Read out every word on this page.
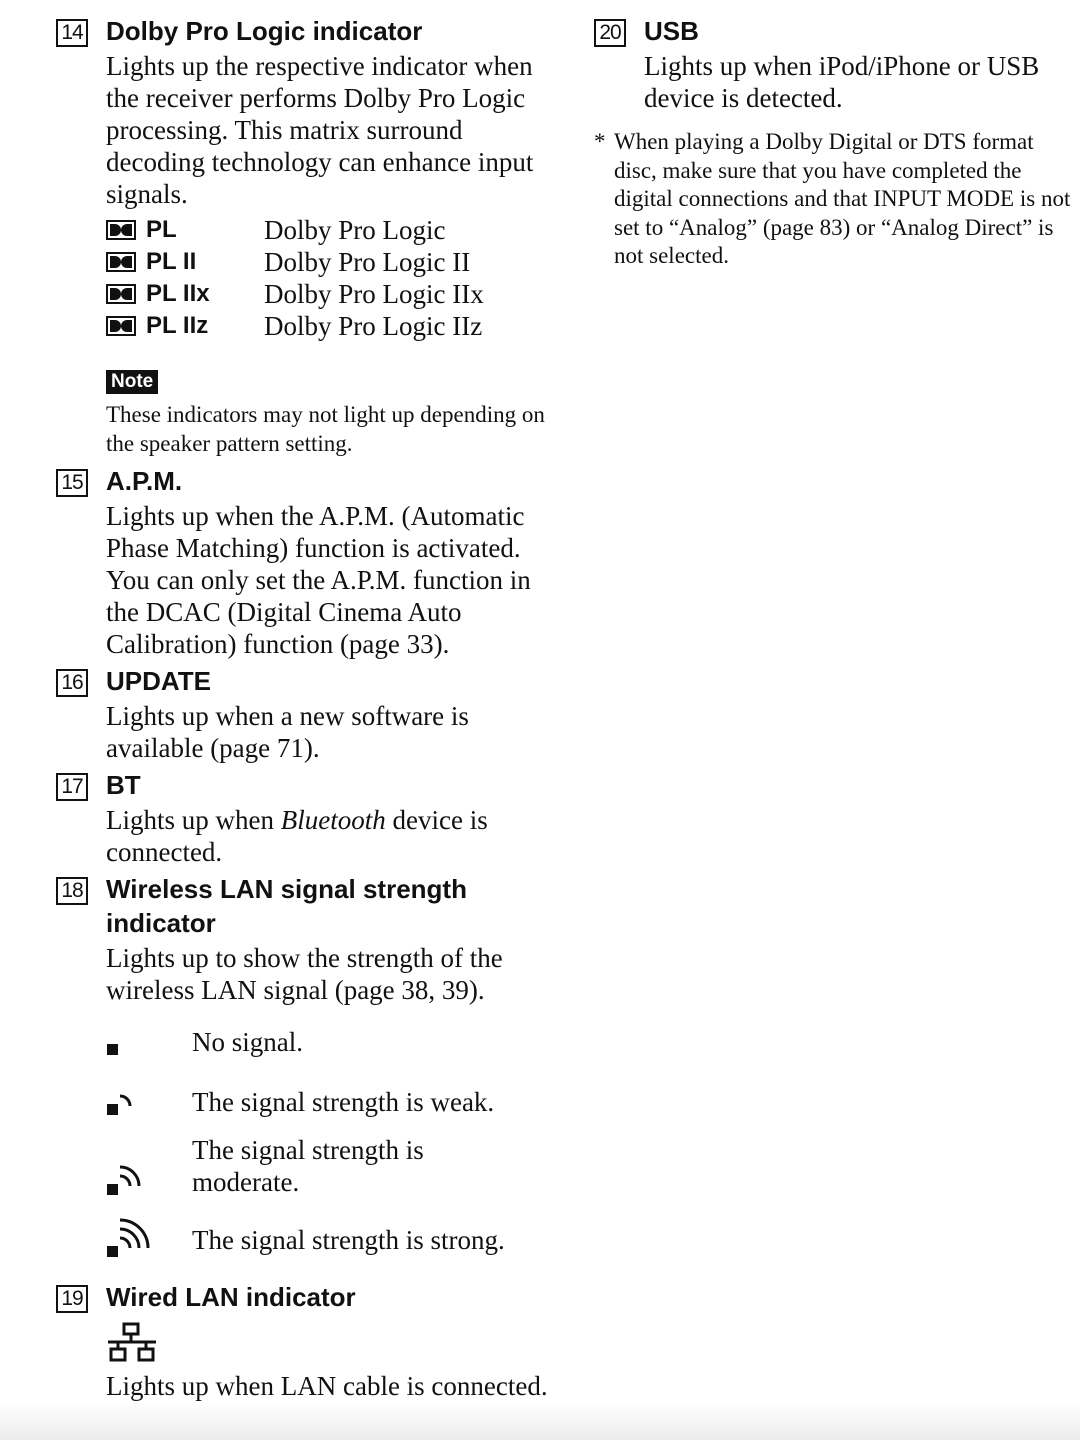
14 Dolby Pro Logic indicator

Lights up the respective indicator when the receiver performs Dolby Pro Logic processing. This matrix surround decoding technology can enhance input signals.

PL	Dolby Pro Logic
PL II	Dolby Pro Logic II
PL IIx Dolby Pro Logic IIx
PL IIz Dolby Pro Logic IIz
Note

These indicators may not light up depending on the speaker pattern setting.

15 A.P.M.

Lights up when the A.P.M. (Automatic Phase Matching) function is activated. You can only set the A.P.M. function in the DCAC (Digital Cinema Auto Calibration) function (page 33).

16 UPDATE

Lights up when a new software is available (page 71).

17 BT

Lights up when Bluetooth device is connected.

18 Wireless LAN signal strength indicator

Lights up to show the strength of the wireless LAN signal (page 38, 39).

No signal.
The signal strength is weak.
The signal strength is moderate.
The signal strength is strong.
19 Wired LAN indicator

Lights up when LAN cable is connected.

20 USB

Lights up when iPod/iPhone or USB device is detected.

* When playing a Dolby Digital or DTS format disc, make sure that you have completed the digital connections and that INPUT MODE is not set to “Analog” (page 83) or “Analog Direct” is not selected.
